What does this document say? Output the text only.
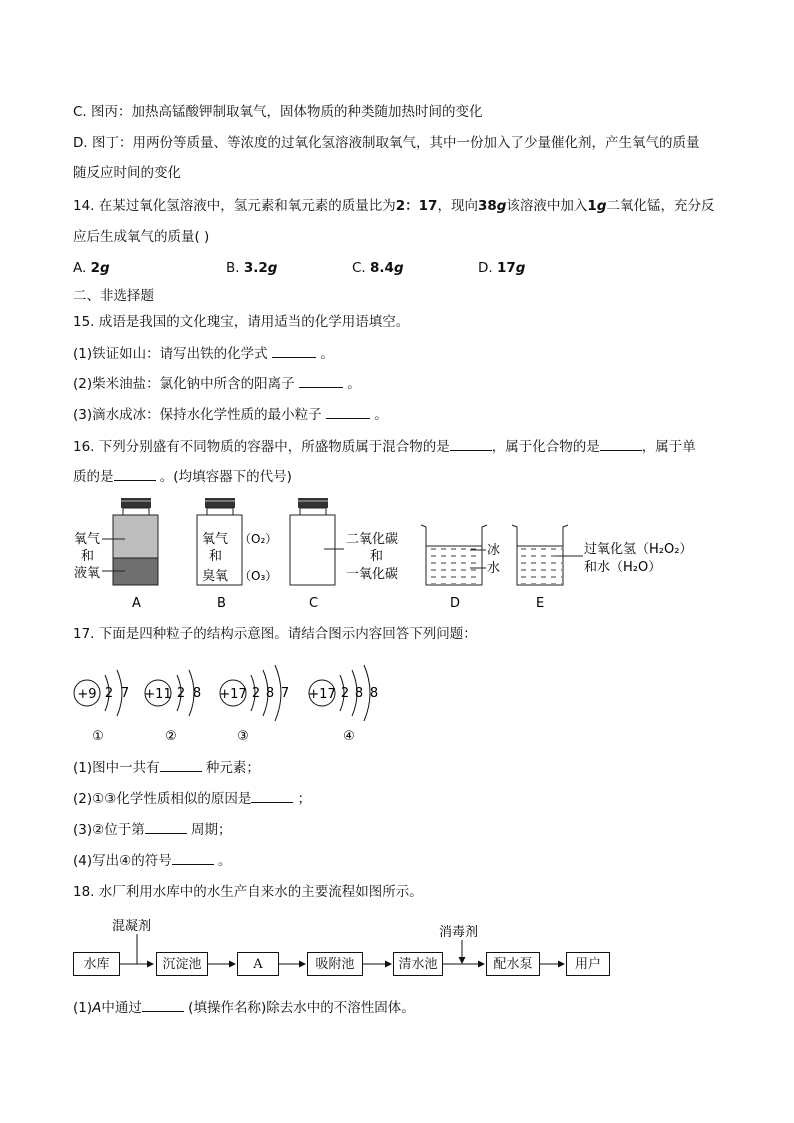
C. 图丙：加热高锰酸钾制取氧气，固体物质的种类随加热时间的变化
D. 图丁：用两份等质量、等浓度的过氧化氢溶液制取氧气，其中一份加入了少量催化剂，产生氧气的质量
随反应时间的变化
14. 在某过氧化氢溶液中，氢元素和氧元素的质量比为2：17，现向38g该溶液中加入1g二氧化锰，充分反
应后生成氧气的质量( )
A. 2g	B. 3.2g	C. 8.4g	D. 17g
二、非选择题
15. 成语是我国的文化瑰宝，请用适当的化学用语填空。
(1)铁证如山：请写出铁的化学式	。
(2)柴米油盐：氯化钠中所含的阳离子	。
(3)滴水成冰：保持水化学性质的最小粒子	。
16. 下列分别盛有不同物质的容器中，所盛物质属于混合物的是	，属于化合物的是	，属于单
质的是	。(均填容器下的代号)
氧气
和
液氧
A
氧气
和
臭氧
（O₂）
（O₃）
B
二氧化碳
和
一氧化碳
C
冰
水
D
过氧化氢（H₂O₂）
和水（H₂O）
E
17. 下面是四种粒子的结构示意图。请结合图示内容回答下列问题：
+9 2 7
①
+11 2 8
②
+17 2 8 7
③
+17 2 8 8
④
(1)图中一共有	种元素；
(2)①③化学性质相似的原因是	；
(3)②位于第	周期；
(4)写出④的符号	。
18. 水厂利用水库中的水生产自来水的主要流程如图所示。
混凝剂	消毒剂
水库	沉淀池	A	吸附池	清水池	配水泵	用户
(1)A中通过	(填操作名称)除去水中的不溶性固体。
